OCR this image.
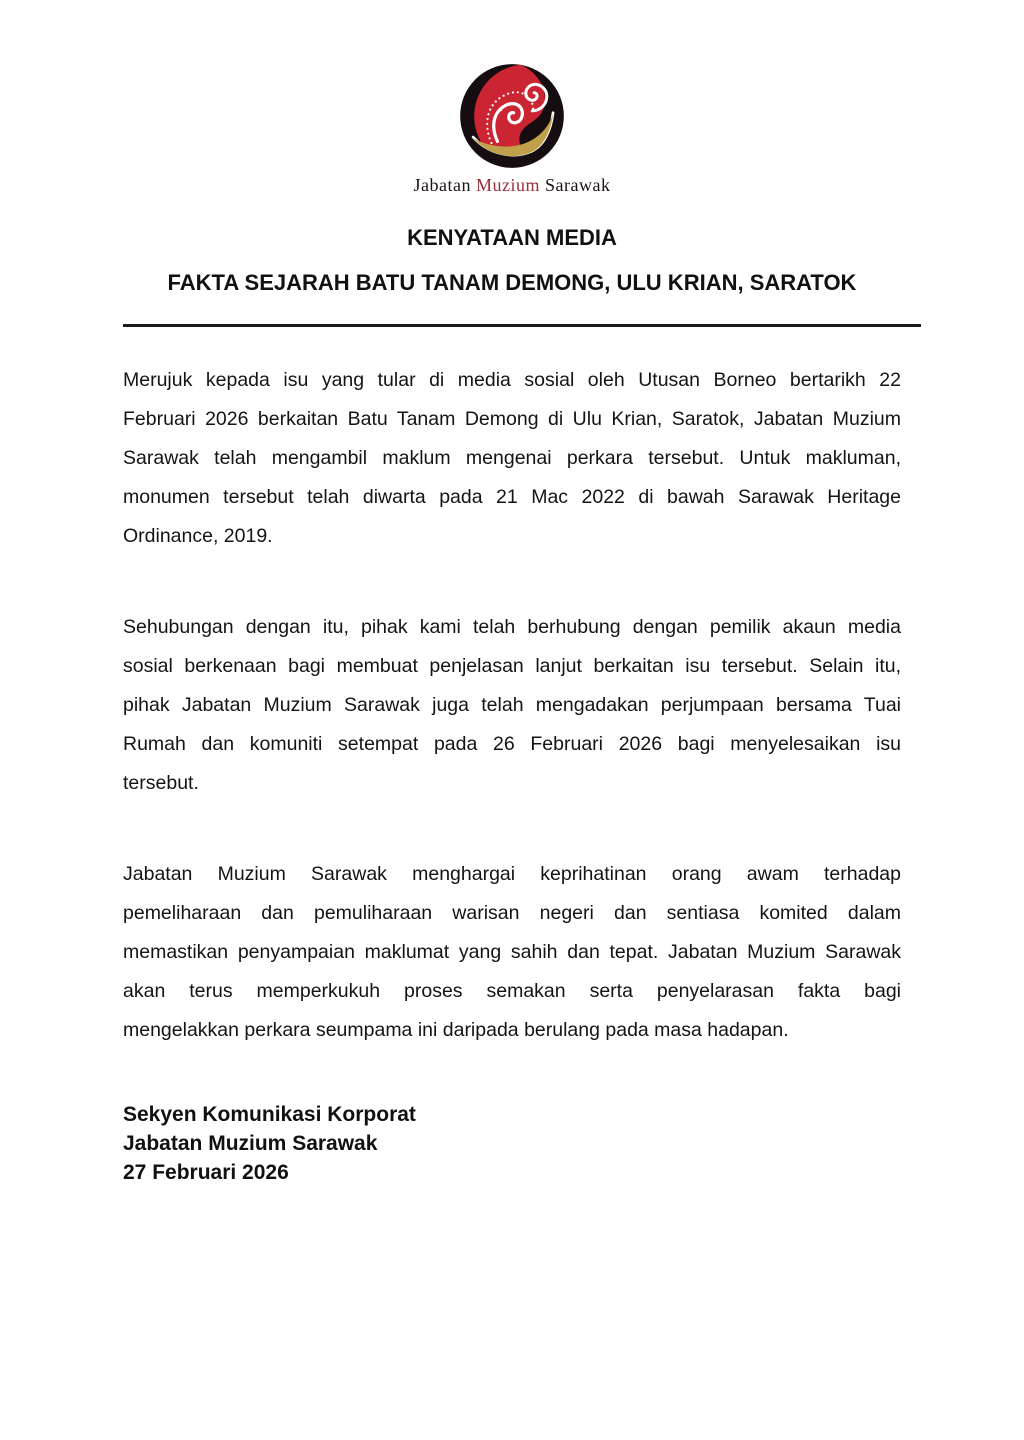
Jabatan Muzium Sarawak
KENYATAAN MEDIA
FAKTA SEJARAH BATU TANAM DEMONG, ULU KRIAN, SARATOK

Merujuk kepada isu yang tular di media sosial oleh Utusan Borneo bertarikh 22
Februari 2026 berkaitan Batu Tanam Demong di Ulu Krian, Saratok, Jabatan Muzium
Sarawak telah mengambil maklum mengenai perkara tersebut. Untuk makluman,
monumen tersebut telah diwarta pada 21 Mac 2022 di bawah Sarawak Heritage
Ordinance, 2019.

Sehubungan dengan itu, pihak kami telah berhubung dengan pemilik akaun media
sosial berkenaan bagi membuat penjelasan lanjut berkaitan isu tersebut. Selain itu,
pihak Jabatan Muzium Sarawak juga telah mengadakan perjumpaan bersama Tuai
Rumah dan komuniti setempat pada 26 Februari 2026 bagi menyelesaikan isu
tersebut.

Jabatan Muzium Sarawak menghargai keprihatinan orang awam terhadap
pemeliharaan dan pemuliharaan warisan negeri dan sentiasa komited dalam
memastikan penyampaian maklumat yang sahih dan tepat. Jabatan Muzium Sarawak
akan terus memperkukuh proses semakan serta penyelarasan fakta bagi
mengelakkan perkara seumpama ini daripada berulang pada masa hadapan.

Sekyen Komunikasi Korporat
Jabatan Muzium Sarawak
27 Februari 2026
